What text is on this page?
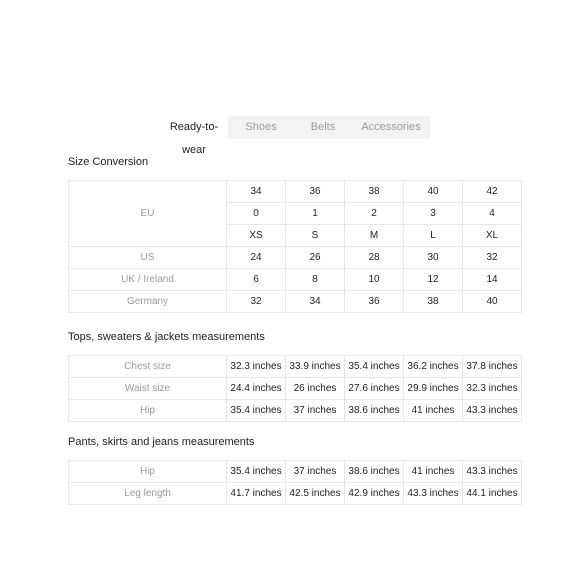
Ready-to-wear
Shoes	Belts	Accessories
Size Conversion
EU	34	36	38	40	42
	0	1	2	3	4
	XS	S	M	L	XL
US	24	26	28	30	32
UK / Ireland	6	8	10	12	14
Germany	32	34	36	38	40
Tops, sweaters & jackets measurements
Chest size	32.3 inches	33.9 inches	35.4 inches	36.2 inches	37.8 inches
Waist size	24.4 inches	26 inches	27.6 inches	29.9 inches	32.3 inches
Hip	35.4 inches	37 inches	38.6 inches	41 inches	43.3 inches
Pants, skirts and jeans measurements
Hip	35.4 inches	37 inches	38.6 inches	41 inches	43.3 inches
Leg length	41.7 inches	42.5 inches	42.9 inches	43.3 inches	44.1 inches
